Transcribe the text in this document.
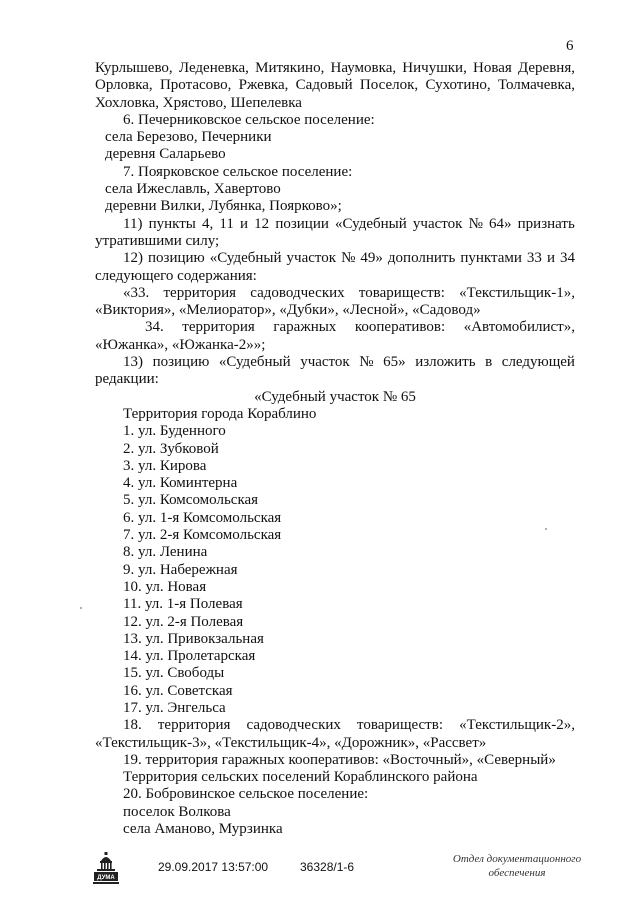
6
Курлышево, Леденевка, Митякино, Наумовка, Ничушки, Новая Деревня,
Орловка, Протасово, Ржевка, Садовый Поселок, Сухотино, Толмачевка,
Хохловка, Хрястово, Шепелевка
6. Печерниковское сельское поселение:
села Березово, Печерники
деревня Саларьево
7. Поярковское сельское поселение:
села Ижеславль, Хавертово
деревни Вилки, Лубянка, Поярково»;
11) пункты 4, 11 и 12 позиции «Судебный участок № 64» признать
утратившими силу;
12) позицию «Судебный участок № 49» дополнить пунктами 33 и 34
следующего содержания:
«33. территория садоводческих товариществ: «Текстильщик-1»,
«Виктория», «Мелиоратор», «Дубки», «Лесной», «Садовод»
34. территория гаражных кооперативов: «Автомобилист»,
«Южанка», «Южанка-2»»;
13) позицию «Судебный участок № 65» изложить в следующей
редакции:
«Судебный участок № 65
Территория города Кораблино
1. ул. Буденного
2. ул. Зубковой
3. ул. Кирова
4. ул. Коминтерна
5. ул. Комсомольская
6. ул. 1-я Комсомольская
7. ул. 2-я Комсомольская
8. ул. Ленина
9. ул. Набережная
10. ул. Новая
11. ул. 1-я Полевая
12. ул. 2-я Полевая
13. ул. Привокзальная
14. ул. Пролетарская
15. ул. Свободы
16. ул. Советская
17. ул. Энгельса
18. территория садоводческих товариществ: «Текстильщик-2»,
«Текстильщик-3», «Текстильщик-4», «Дорожник», «Рассвет»
19. территория гаражных кооперативов: «Восточный», «Северный»
Территория сельских поселений Кораблинского района
20. Бобровинское сельское поселение:
поселок Волкова
села Аманово, Мурзинка
ДУМА
29.09.2017 13:57:00	36328/1-6
Отдел документационного
обеспечения
